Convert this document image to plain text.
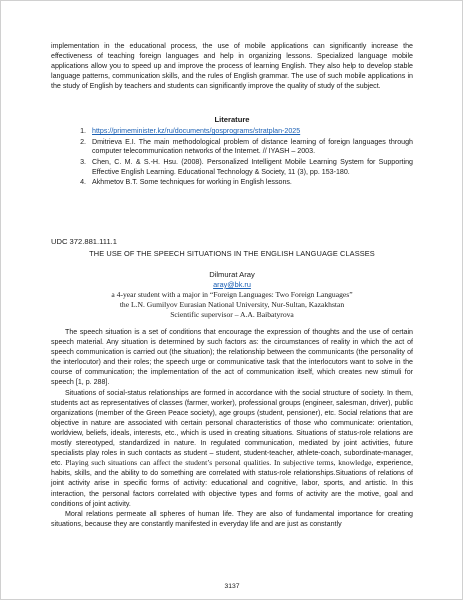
implementation in the educational process, the use of mobile applications can significantly increase the effectiveness of teaching foreign languages and help in organizing lessons. Specialized language mobile applications allow you to speed up and improve the process of learning English. They also help to develop stable language patterns, communication skills, and the rules of English grammar. The use of such mobile applications in the study of English by teachers and students can significantly improve the quality of study of the subject.

Literature
1. https://primeminister.kz/ru/documents/gosprograms/stratplan-2025
2. Dmitrieva E.I. The main methodological problem of distance learning of foreign languages through computer telecommunication networks of the Internet. // IYASH – 2003.
3. Chen, C. M. & S.-H. Hsu. (2008). Personalized Intelligent Mobile Learning System for Supporting Effective English Learning. Educational Technology & Society, 11 (3), pp. 153-180.
4. Akhmetov B.T. Some techniques for working in English lessons.
UDC 372.881.111.1
THE USE OF THE SPEECH SITUATIONS IN THE ENGLISH LANGUAGE CLASSES
Dilmurat Aray
aray@bk.ru
a 4-year student with a major in “Foreign Languages: Two Foreign Languages”
the L.N. Gumilyov Eurasian National University, Nur-Sultan, Kazakhstan
Scientific supervisor – A.A. Baibatyrova

The speech situation is a set of conditions that encourage the expression of thoughts and the use of certain speech material. Any situation is determined by such factors as: the circumstances of reality in which the act of speech communication is carried out (the situation); the relationship between the communicants (the personality of the interlocutor) and their roles; the speech urge or communicative task that the interlocutors want to solve in the course of communication; the implementation of the act of communication itself, which creates new stimuli for speech [1, p. 288].

Situations of social-status relationships are formed in accordance with the social structure of society. In them, students act as representatives of classes (farmer, worker), professional groups (engineer, salesman, driver), public organizations (member of the Green Peace society), age groups (student, pensioner), etc. Social relations that are objective in nature are associated with certain personal characteristics of those who communicate: orientation, worldview, beliefs, ideals, interests, etc., which is used in creating situations. Situations of status-role relations are mostly stereotyped, standardized in nature. In regulated communication, mediated by joint activities, future specialists play roles in such contacts as student – student, student-teacher, athlete-coach, subordinate-manager, etc. Playing such situations can affect the student’s personal qualities. In subjective terms, knowledge, experience, habits, skills, and the ability to do something are correlated with status-role relationships.Situations of relations of joint activity arise in specific forms of activity: educational and cognitive, labor, sports, and artistic. In this interaction, the personal factors correlated with objective types and forms of activity are the motive, goal and conditions of joint activity.

Moral relations permeate all spheres of human life. They are also of fundamental importance for creating situations, because they are constantly manifested in everyday life and are just as constantly

3137
